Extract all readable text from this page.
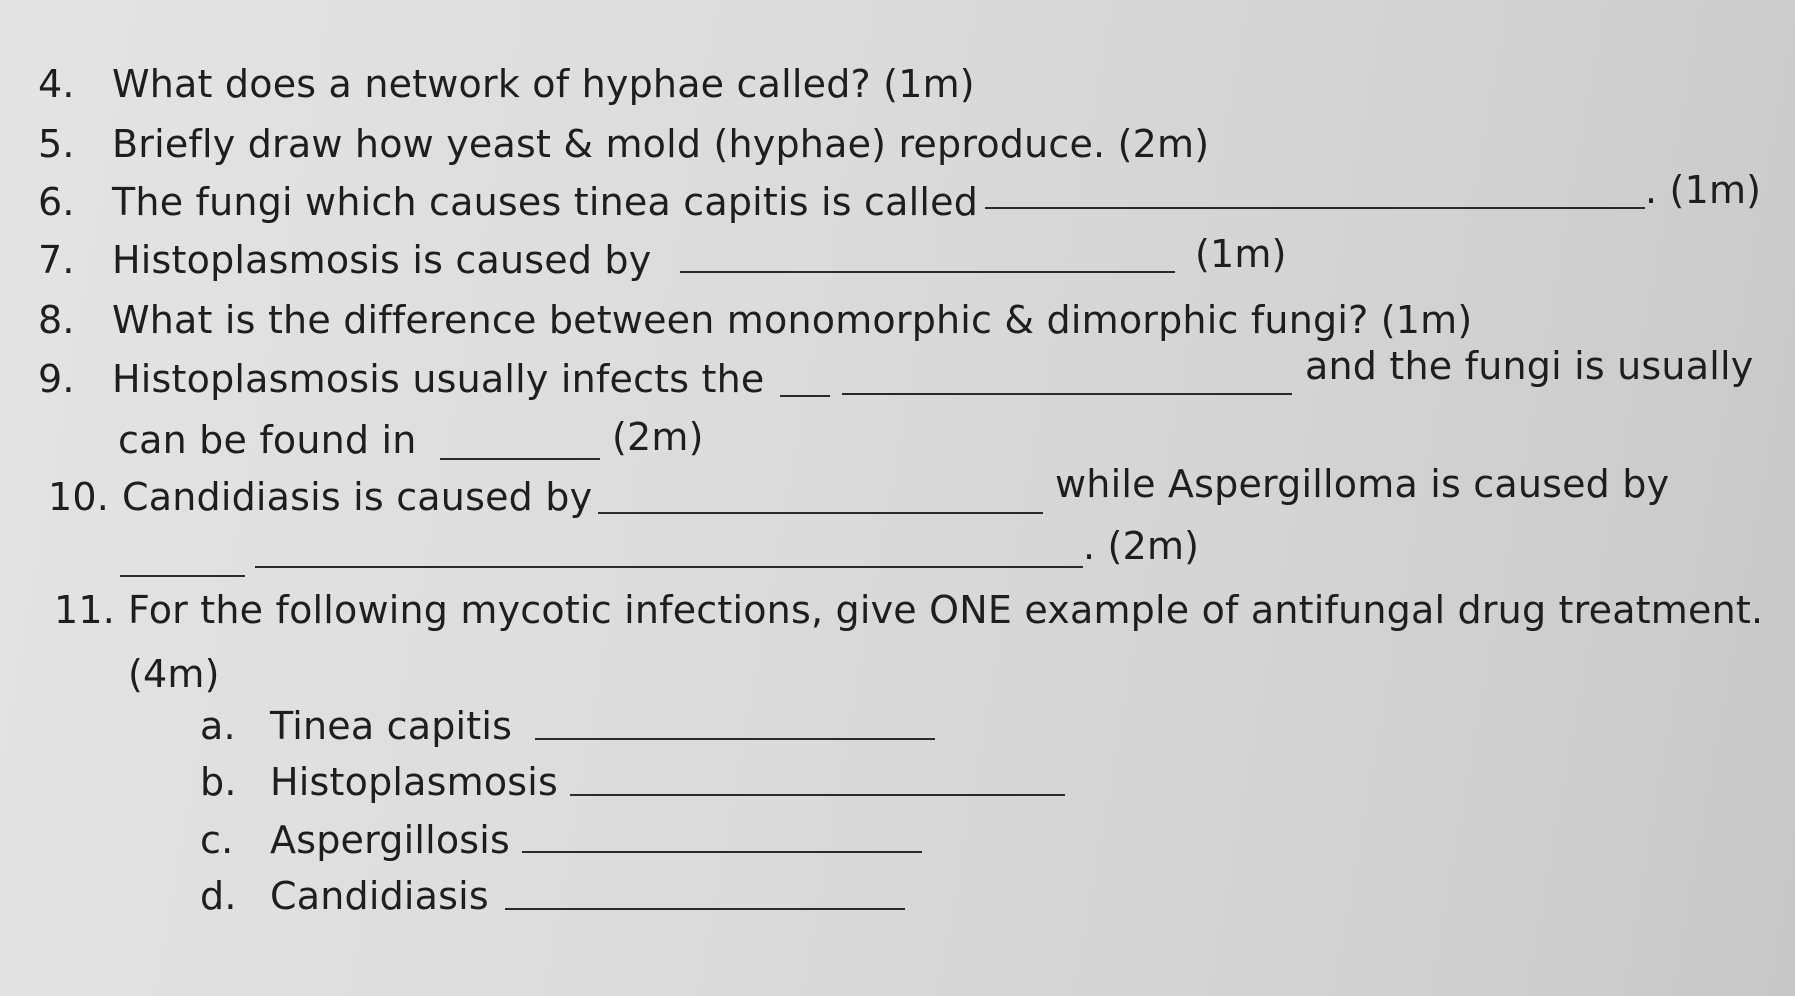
4. What does a network of hyphae called? (1m)
5. Briefly draw how yeast & mold (hyphae) reproduce. (2m)
6. The fungi which causes tinea capitis is called	. (1m)
7. Histoplasmosis is caused by	(1m)
8. What is the difference between monomorphic & dimorphic fungi? (1m)
9. Histoplasmosis usually infects the	and the fungi is usually
can be found in	(2m)
10. Candidiasis is caused by	while Aspergilloma is caused by
. (2m)
11. For the following mycotic infections, give ONE example of antifungal drug treatment.
(4m)
a. Tinea capitis
b. Histoplasmosis
c. Aspergillosis
d. Candidiasis
